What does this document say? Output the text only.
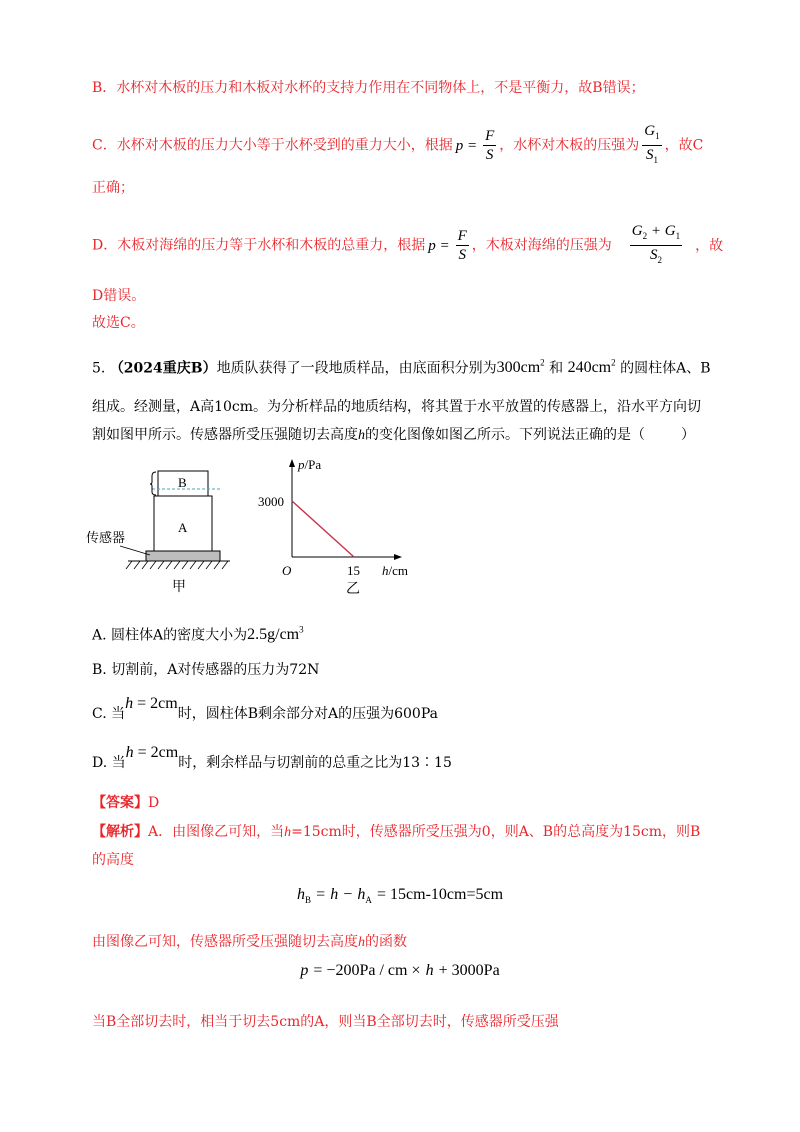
B．水杯对木板的压力和木板对水杯的支持力作用在不同物体上，不是平衡力，故B错误；
C．水杯对木板的压力大小等于水杯受到的重力大小，根据 $p = \frac{F}{S}$ ，水杯对木板的压强为 $\frac{G_1}{S_1}$ ，故C
正确；
D．木板对海绵的压力等于水杯和木板的总重力，根据 $p = \frac{F}{S}$ ，木板对海绵的压强为 $\frac{G_2 + G_1}{S_2}$ ，故
D错误。
故选C。
5. （2024重庆B）地质队获得了一段地质样品，由底面积分别为$300cm^2$ 和 $240cm^2$ 的圆柱体A、B
组成。经测量，A高10cm。为分析样品的地质结构，将其置于水平放置的传感器上，沿水平方向切
割如图甲所示。传感器所受压强随切去高度h的变化图像如图乙所示。下列说法正确的是（	）
A
B
传感器
甲
p/Pa
h/cm
O
3000
15
乙
A. 圆柱体A的密度大小为$2.5g/cm^3$
B. 切割前，A对传感器的压力为72N
C. 当h = 2cm时，圆柱体B剩余部分对A的压强为600Pa
D. 当h = 2cm时，剩余样品与切割前的总重之比为13∶15
【答案】D
【解析】A．由图像乙可知，当h=15cm时，传感器所受压强为0，则A、B的总高度为15cm，则B
的高度
$h_B = h - h_A = 15cm-10cm=5cm$
由图像乙可知，传感器所受压强随切去高度h的函数
p = −200Pa / cm × h + 3000Pa
当B全部切去时，相当于切去5cm的A，则当B全部切去时，传感器所受压强
